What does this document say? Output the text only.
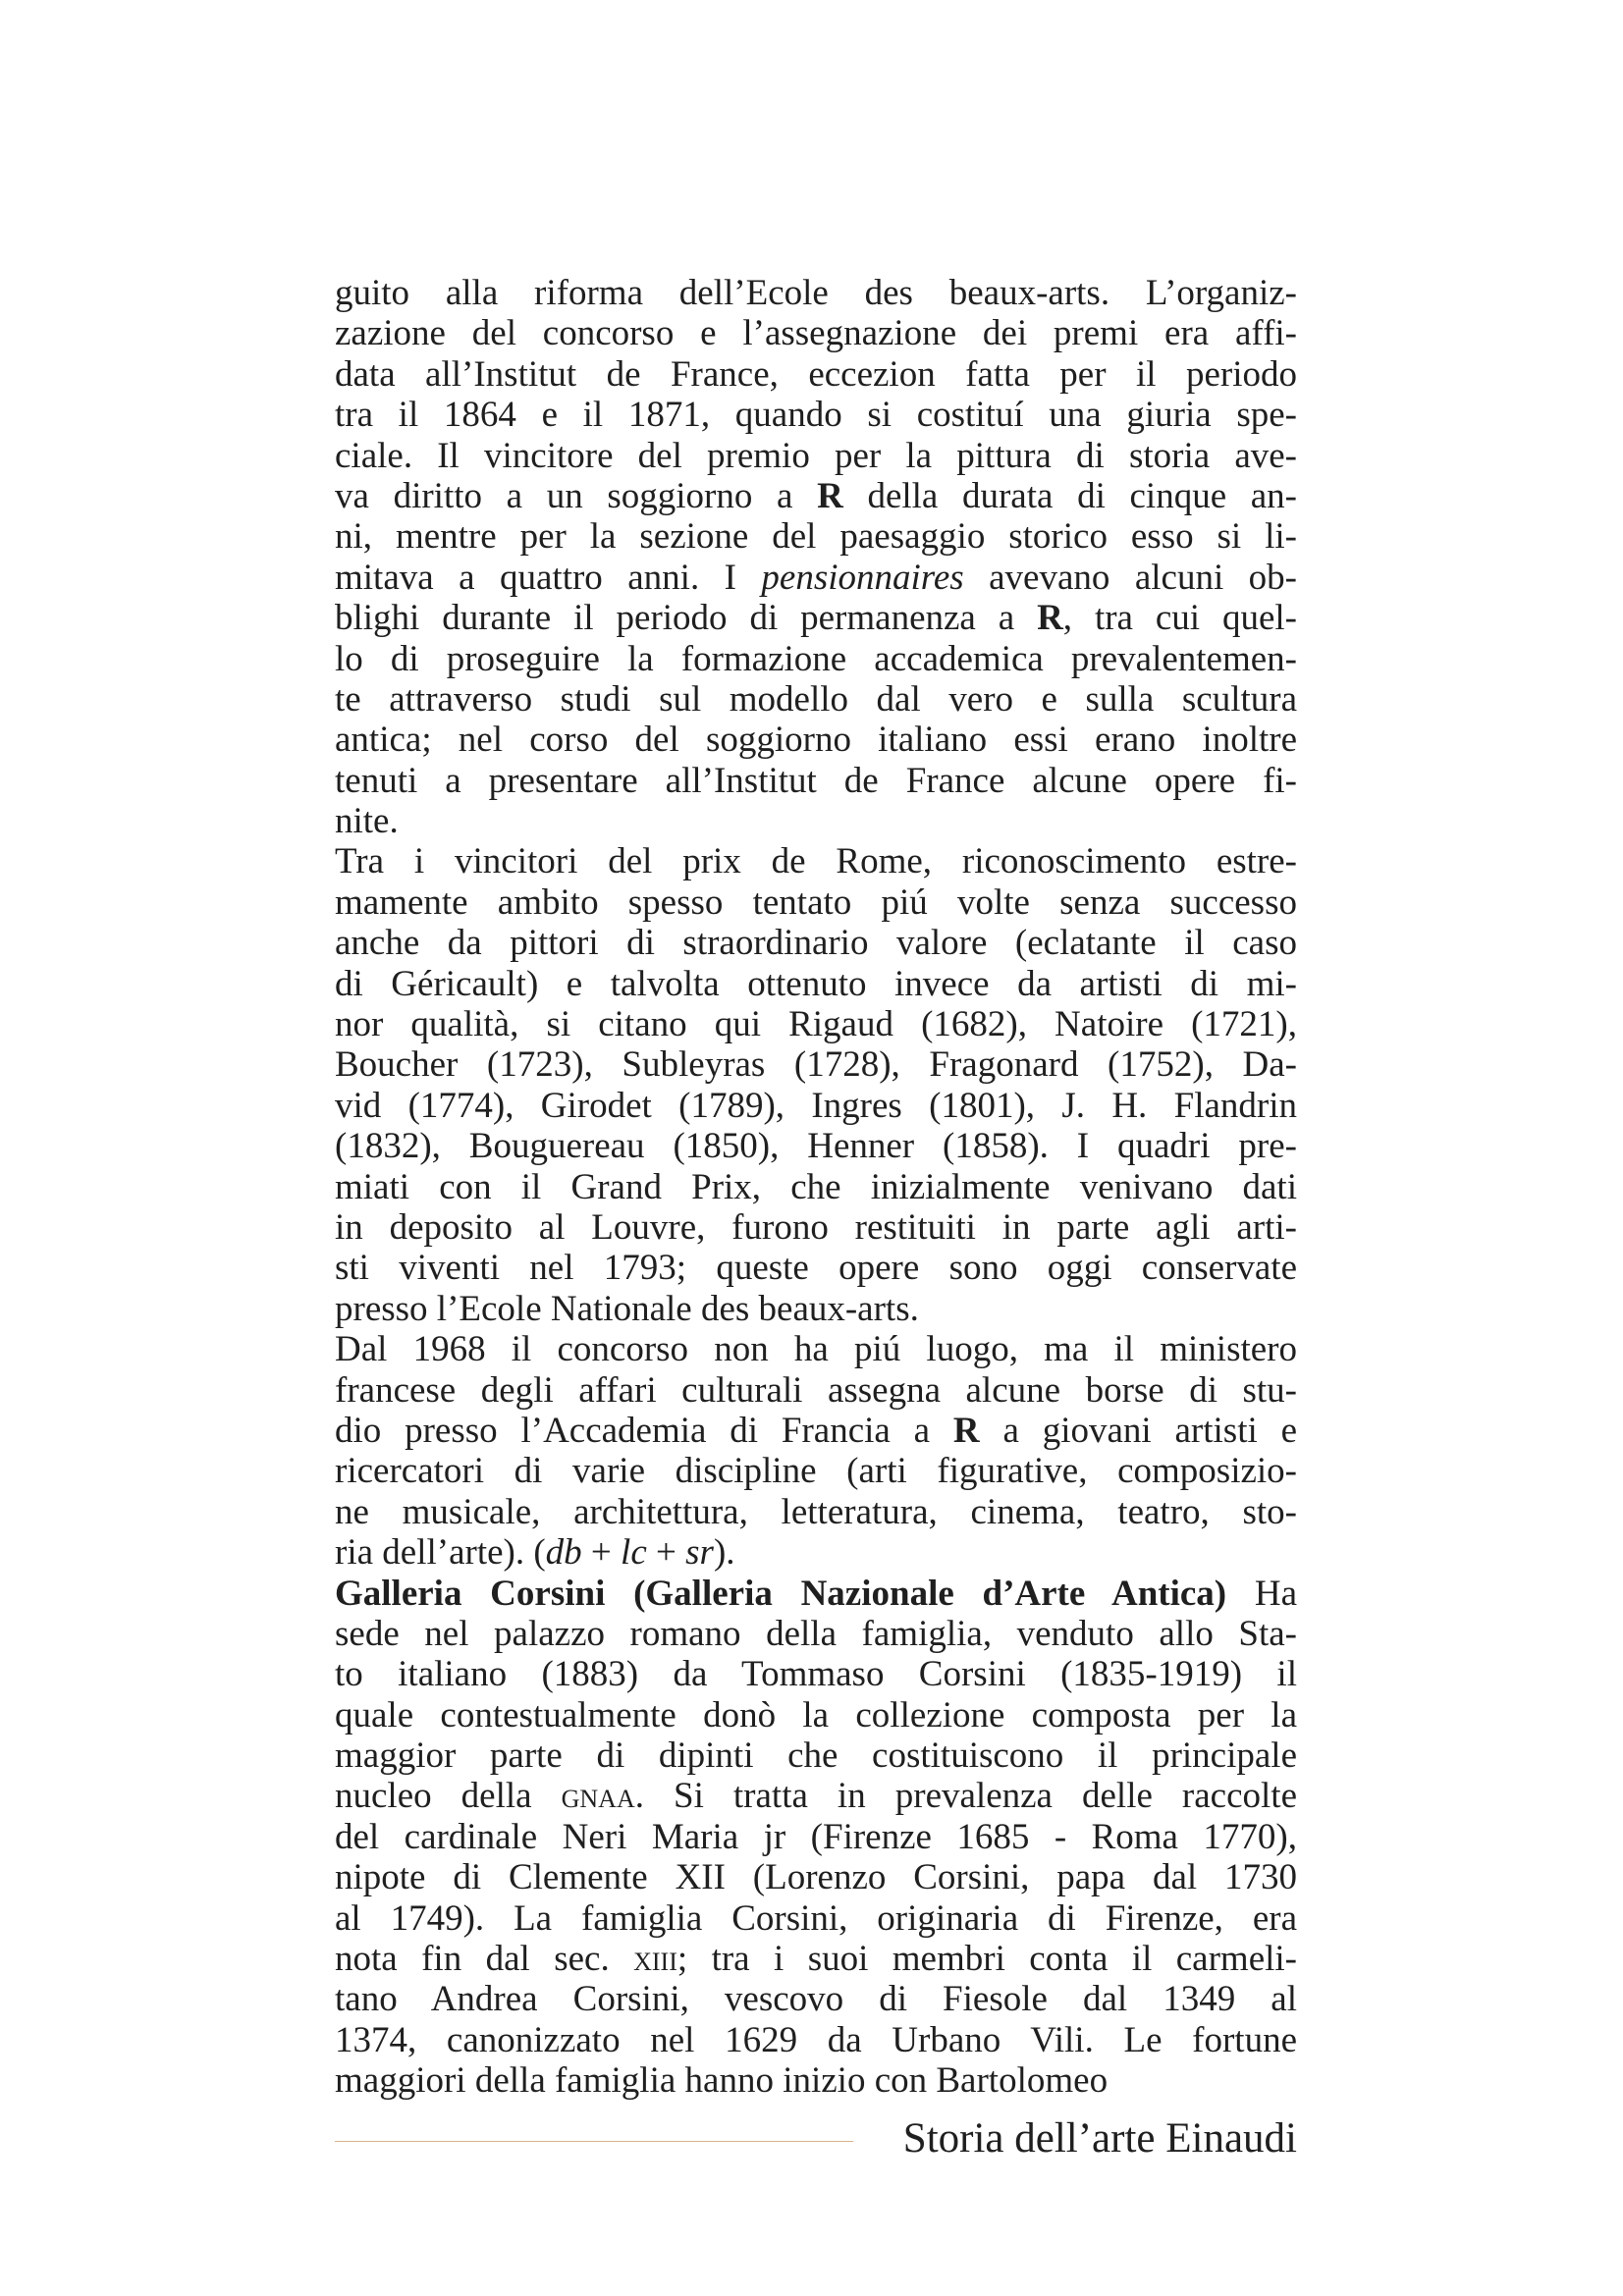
guito alla riforma dell’Ecole des beaux-arts. L’organiz-
zazione del concorso e l’assegnazione dei premi era affi-
data all’Institut de France, eccezion fatta per il periodo
tra il 1864 e il 1871, quando si costituí una giuria spe-
ciale. Il vincitore del premio per la pittura di storia ave-
va diritto a un soggiorno a R della durata di cinque an-
ni, mentre per la sezione del paesaggio storico esso si li-
mitava a quattro anni. I pensionnaires avevano alcuni ob-
blighi durante il periodo di permanenza a R, tra cui quel-
lo di proseguire la formazione accademica prevalentemen-
te attraverso studi sul modello dal vero e sulla scultura
antica; nel corso del soggiorno italiano essi erano inoltre
tenuti a presentare all’Institut de France alcune opere fi-
nite.
Tra i vincitori del prix de Rome, riconoscimento estre-
mamente ambito spesso tentato piú volte senza successo
anche da pittori di straordinario valore (eclatante il caso
di Géricault) e talvolta ottenuto invece da artisti di mi-
nor qualità, si citano qui Rigaud (1682), Natoire (1721),
Boucher (1723), Subleyras (1728), Fragonard (1752), Da-
vid (1774), Girodet (1789), Ingres (1801), J. H. Flandrin
(1832), Bouguereau (1850), Henner (1858). I quadri pre-
miati con il Grand Prix, che inizialmente venivano dati
in deposito al Louvre, furono restituiti in parte agli arti-
sti viventi nel 1793; queste opere sono oggi conservate
presso l’Ecole Nationale des beaux-arts.
Dal 1968 il concorso non ha piú luogo, ma il ministero
francese degli affari culturali assegna alcune borse di stu-
dio presso l’Accademia di Francia a R a giovani artisti e
ricercatori di varie discipline (arti figurative, composizio-
ne musicale, architettura, letteratura, cinema, teatro, sto-
ria dell’arte). (db + lc + sr).
Galleria Corsini (Galleria Nazionale d’Arte Antica) Ha
sede nel palazzo romano della famiglia, venduto allo Sta-
to italiano (1883) da Tommaso Corsini (1835-1919) il
quale contestualmente donò la collezione composta per la
maggior parte di dipinti che costituiscono il principale
nucleo della gnaa. Si tratta in prevalenza delle raccolte
del cardinale Neri Maria jr (Firenze 1685 - Roma 1770),
nipote di Clemente XII (Lorenzo Corsini, papa dal 1730
al 1749). La famiglia Corsini, originaria di Firenze, era
nota fin dal sec. xiii; tra i suoi membri conta il carmeli-
tano Andrea Corsini, vescovo di Fiesole dal 1349 al
1374, canonizzato nel 1629 da Urbano Vili. Le fortune
maggiori della famiglia hanno inizio con Bartolomeo
Storia dell’arte Einaudi
